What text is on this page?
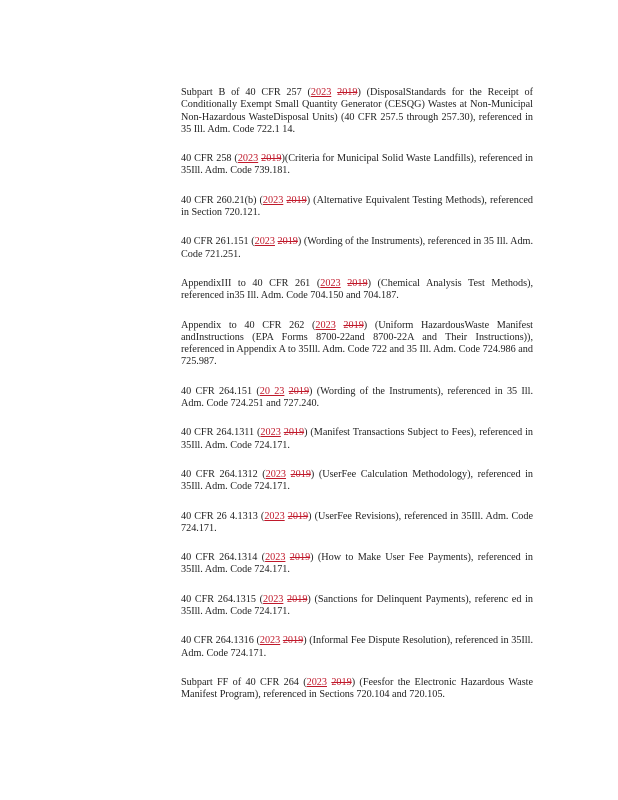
Subpart B of 40 CFR 257 (2023 2019) (DisposalStandards for the Receipt of Conditionally Exempt Small Quantity Generator (CESQG) Wastes at Non-Municipal Non-Hazardous WasteDisposal Units) (40 CFR 257.5 through 257.30), referenced in 35 Ill. Adm. Code 722.1 14.

40 CFR 258 (2023 2019)(Criteria for Municipal Solid Waste Landfills), referenced in 35Ill. Adm. Code 739.181.

40 CFR 260.21(b) (2023 2019) (Alternative Equivalent Testing Methods), referenced in Section 720.121.

40 CFR 261.151 (2023 2019) (Wording of the Instruments), referenced in 35 Ill. Adm. Code 721.251.

AppendixIII to 40 CFR 261 (2023 2019) (Chemical Analysis Test Methods), referenced in35 Ill. Adm. Code 704.150 and 704.187.

Appendix to 40 CFR 262 (2023 2019) (Uniform HazardousWaste Manifest andInstructions (EPA Forms 8700-22and 8700-22A and Their Instructions)), referenced in Appendix A to 35Ill. Adm. Code 722 and 35 Ill. Adm. Code 724.986 and 725.987.

40 CFR 264.151 (20 23 2019) (Wording of the Instruments), referenced in 35 Ill. Adm. Code 724.251 and 727.240.

40 CFR 264.1311 (2023 2019) (Manifest Transactions Subject to Fees), referenced in 35Ill. Adm. Code 724.171.

40 CFR 264.1312 (2023 2019) (UserFee Calculation Methodology), referenced in 35Ill. Adm. Code 724.171.

40 CFR 26 4.1313 (2023 2019) (UserFee Revisions), referenced in 35Ill. Adm. Code 724.171.

40 CFR 264.1314 (2023 2019) (How to Make User Fee Payments), referenced in 35Ill. Adm. Code 724.171.

40 CFR 264.1315 (2023 2019) (Sanctions for Delinquent Payments), referenc ed in 35Ill. Adm. Code 724.171.

40 CFR 264.1316 (2023 2019) (Informal Fee Dispute Resolution), referenced in 35Ill. Adm. Code 724.171.

Subpart FF of 40 CFR 264 (2023 2019) (Feesfor the Electronic Hazardous Waste Manifest Program), referenced in Sections 720.104 and 720.105.
